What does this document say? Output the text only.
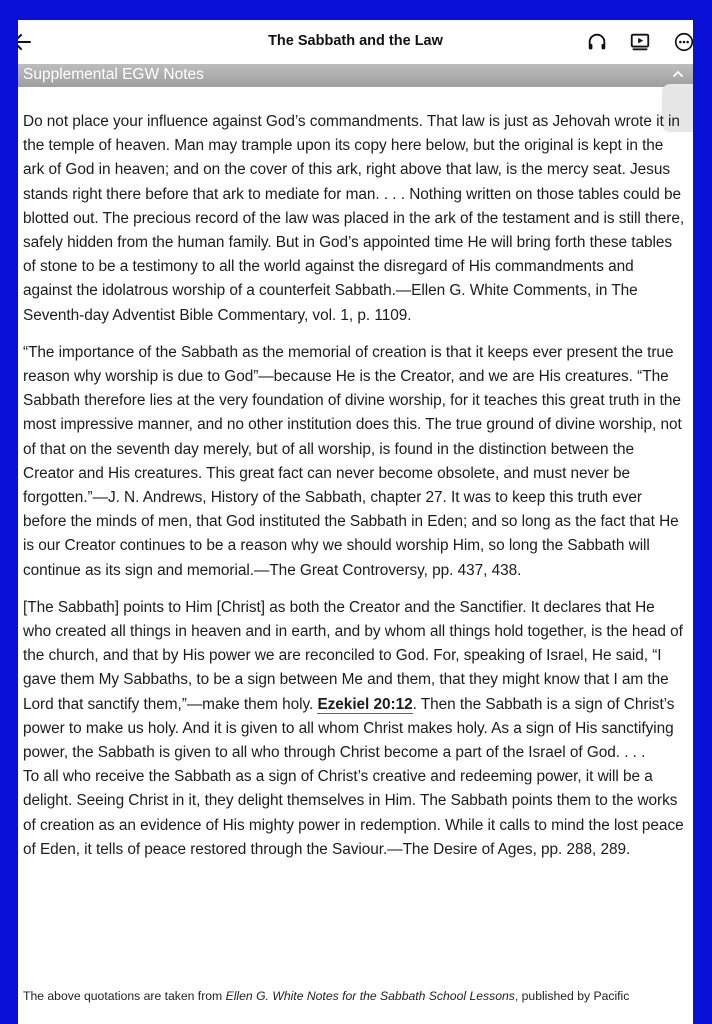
The Sabbath and the Law
Supplemental EGW Notes

Do not place your influence against God’s commandments. That law is just as Jehovah wrote it in the temple of heaven. Man may trample upon its copy here below, but the original is kept in the ark of God in heaven; and on the cover of this ark, right above that law, is the mercy seat. Jesus stands right there before that ark to mediate for man. . . . Nothing written on those tables could be blotted out. The precious record of the law was placed in the ark of the testament and is still there, safely hidden from the human family. But in God’s appointed time He will bring forth these tables of stone to be a testimony to all the world against the disregard of His commandments and against the idolatrous worship of a counterfeit Sabbath.—Ellen G. White Comments, in The Seventh-day Adventist Bible Commentary, vol. 1, p. 1109.

“The importance of the Sabbath as the memorial of creation is that it keeps ever present the true reason why worship is due to God”—because He is the Creator, and we are His creatures. “The Sabbath therefore lies at the very foundation of divine worship, for it teaches this great truth in the most impressive manner, and no other institution does this. The true ground of divine worship, not of that on the seventh day merely, but of all worship, is found in the distinction between the Creator and His creatures. This great fact can never become obsolete, and must never be forgotten.”—J. N. Andrews, History of the Sabbath, chapter 27. It was to keep this truth ever before the minds of men, that God instituted the Sabbath in Eden; and so long as the fact that He is our Creator continues to be a reason why we should worship Him, so long the Sabbath will continue as its sign and memorial.—The Great Controversy, pp. 437, 438.

[The Sabbath] points to Him [Christ] as both the Creator and the Sanctifier. It declares that He who created all things in heaven and in earth, and by whom all things hold together, is the head of the church, and that by His power we are reconciled to God. For, speaking of Israel, He said, “I gave them My Sabbaths, to be a sign between Me and them, that they might know that I am the Lord that sanctify them,”—make them holy. Ezekiel 20:12. Then the Sabbath is a sign of Christ’s power to make us holy. And it is given to all whom Christ makes holy. As a sign of His sanctifying power, the Sabbath is given to all who through Christ become a part of the Israel of God. . . .

To all who receive the Sabbath as a sign of Christ’s creative and redeeming power, it will be a delight. Seeing Christ in it, they delight themselves in Him. The Sabbath points them to the works of creation as an evidence of His mighty power in redemption. While it calls to mind the lost peace of Eden, it tells of peace restored through the Saviour.—The Desire of Ages, pp. 288, 289.

The above quotations are taken from Ellen G. White Notes for the Sabbath School Lessons, published by Pacific
